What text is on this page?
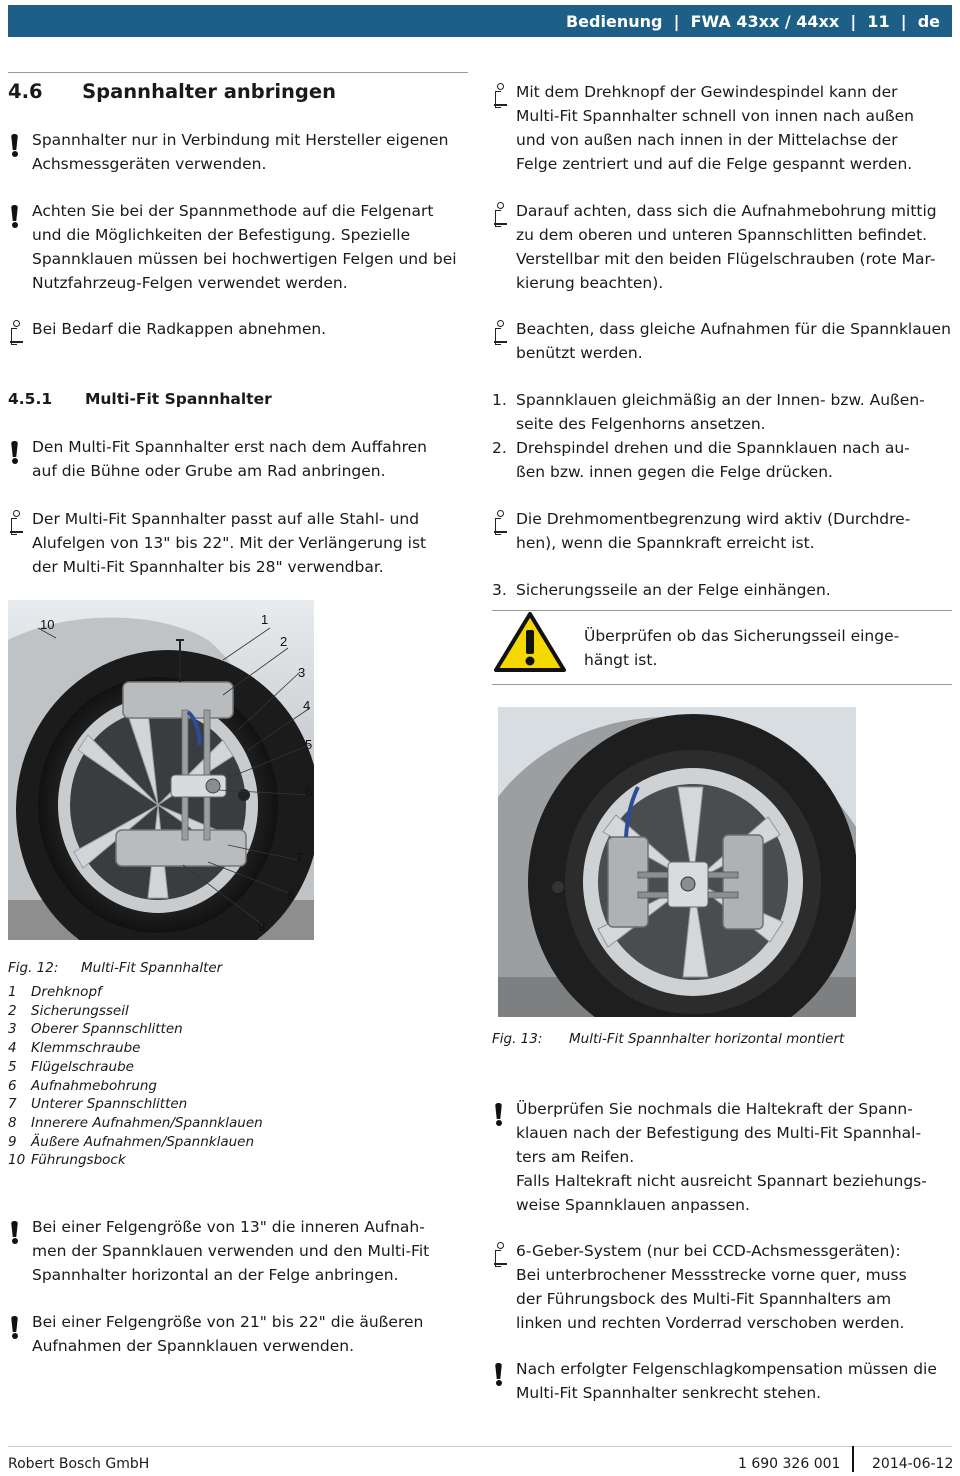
Bedienung  |  FWA 43xx / 44xx  |  11  |  de
4.6 Spannhalter anbringen
Spannhalter nur in Verbindung mit Hersteller eigenen
Achsmessgeräten verwenden.
Achten Sie bei der Spannmethode auf die Felgenart
und die Möglichkeiten der Befestigung. Spezielle
Spannklauen müssen bei hochwertigen Felgen und bei
Nutzfahrzeug-Felgen verwendet werden.
Bei Bedarf die Radkappen abnehmen.
4.5.1 Multi-Fit Spannhalter
Den Multi-Fit Spannhalter erst nach dem Auffahren
auf die Bühne oder Grube am Rad anbringen.
Der Multi-Fit Spannhalter passt auf alle Stahl- und
Alufelgen von 13" bis 22". Mit der Verlängerung ist
der Multi-Fit Spannhalter bis 28" verwendbar.
10	1
2
3
4
5
6
7
8
9
Fig. 12: Multi-Fit Spannhalter
1 Drehknopf
2 Sicherungsseil
3 Oberer Spannschlitten
4 Klemmschraube
5 Flügelschraube
6 Aufnahmebohrung
7 Unterer Spannschlitten
8 Innerere Aufnahmen/Spannklauen
9 Äußere Aufnahmen/Spannklauen
10 Führungsbock
Bei einer Felgengröße von 13" die inneren Aufnah-
men der Spannklauen verwenden und den Multi-Fit
Spannhalter horizontal an der Felge anbringen.
Bei einer Felgengröße von 21" bis 22" die äußeren
Aufnahmen der Spannklauen verwenden.
Mit dem Drehknopf der Gewindespindel kann der
Multi-Fit Spannhalter schnell von innen nach außen
und von außen nach innen in der Mittelachse der
Felge zentriert und auf die Felge gespannt werden.
Darauf achten, dass sich die Aufnahmebohrung mittig
zu dem oberen und unteren Spannschlitten befindet.
Verstellbar mit den beiden Flügelschrauben (rote Mar-
kierung beachten).
Beachten, dass gleiche Aufnahmen für die Spannklauen
benützt werden.
1. Spannklauen gleichmäßig an der Innen- bzw. Außen-
seite des Felgenhorns ansetzen.
2. Drehspindel drehen und die Spannklauen nach au-
ßen bzw. innen gegen die Felge drücken.
Die Drehmomentbegrenzung wird aktiv (Durchdre-
hen), wenn die Spannkraft erreicht ist.
3. Sicherungsseile an der Felge einhängen.
Überprüfen ob das Sicherungsseil einge-
hängt ist.
Fig. 13: Multi-Fit Spannhalter horizontal montiert
Überprüfen Sie nochmals die Haltekraft der Spann-
klauen nach der Befestigung des Multi-Fit Spannhal-
ters am Reifen.
Falls Haltekraft nicht ausreicht Spannart beziehungs-
weise Spannklauen anpassen.
6-Geber-System (nur bei CCD-Achsmessgeräten):
Bei unterbrochener Messstrecke vorne quer, muss
der Führungsbock des Multi-Fit Spannhalters am
linken und rechten Vorderrad verschoben werden.
Nach erfolgter Felgenschlagkompensation müssen die
Multi-Fit Spannhalter senkrecht stehen.
Robert Bosch GmbH	1 690 326 001 2014-06-12
